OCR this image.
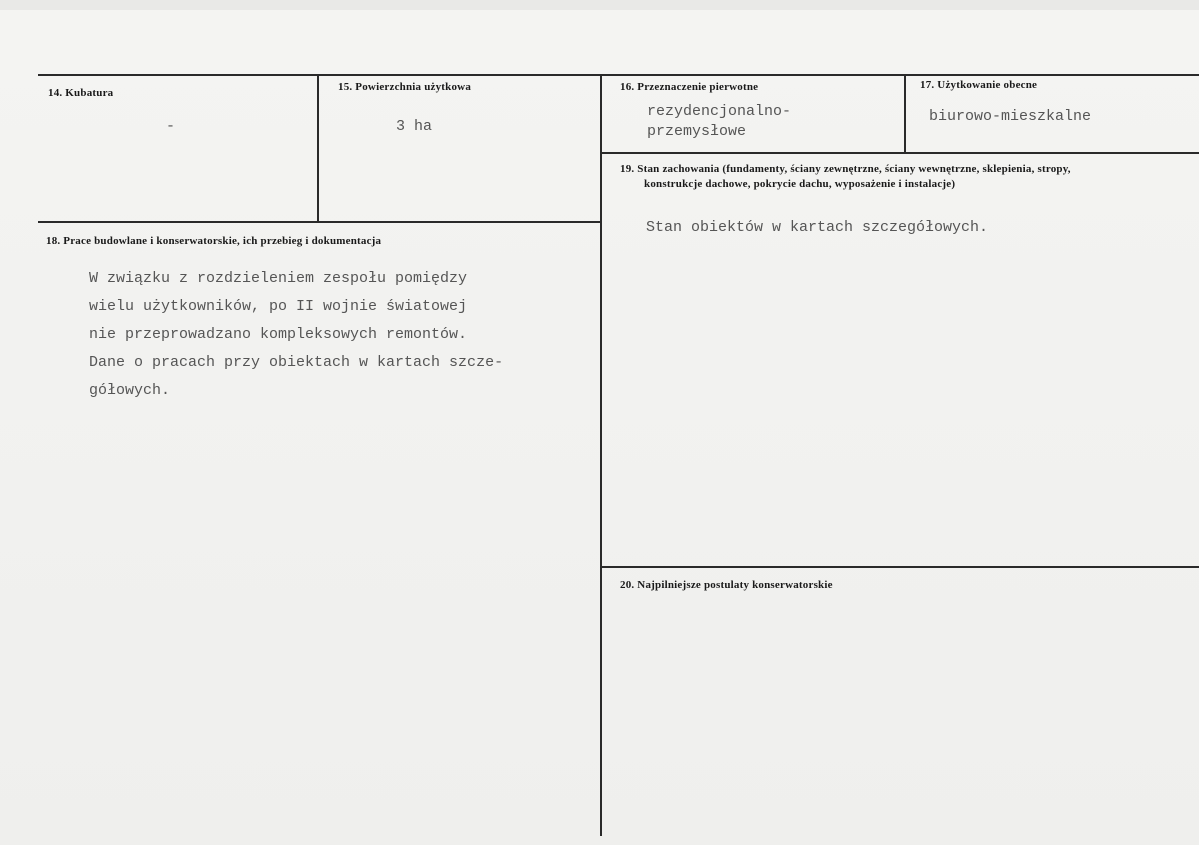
14. Kubatura
-
15. Powierzchnia użytkowa
3 ha
16. Przeznaczenie pierwotne
rezydencjonalno-
przemysłowe
17. Użytkowanie obecne
biurowo-mieszkalne
18. Prace budowlane i konserwatorskie, ich przebieg i dokumentacja
W związku z rozdzieleniem zespołu pomiędzy
wielu użytkowników, po II wojnie światowej
nie przeprowadzano kompleksowych remontów.
Dane o pracach przy obiektach w kartach szcze-
gółowych.
19. Stan zachowania (fundamenty, ściany zewnętrzne, ściany wewnętrzne, sklepienia, stropy,
konstrukcje dachowe, pokrycie dachu, wyposażenie i instalacje)
Stan obiektów w kartach szczegółowych.
20. Najpilniejsze postulaty konserwatorskie
